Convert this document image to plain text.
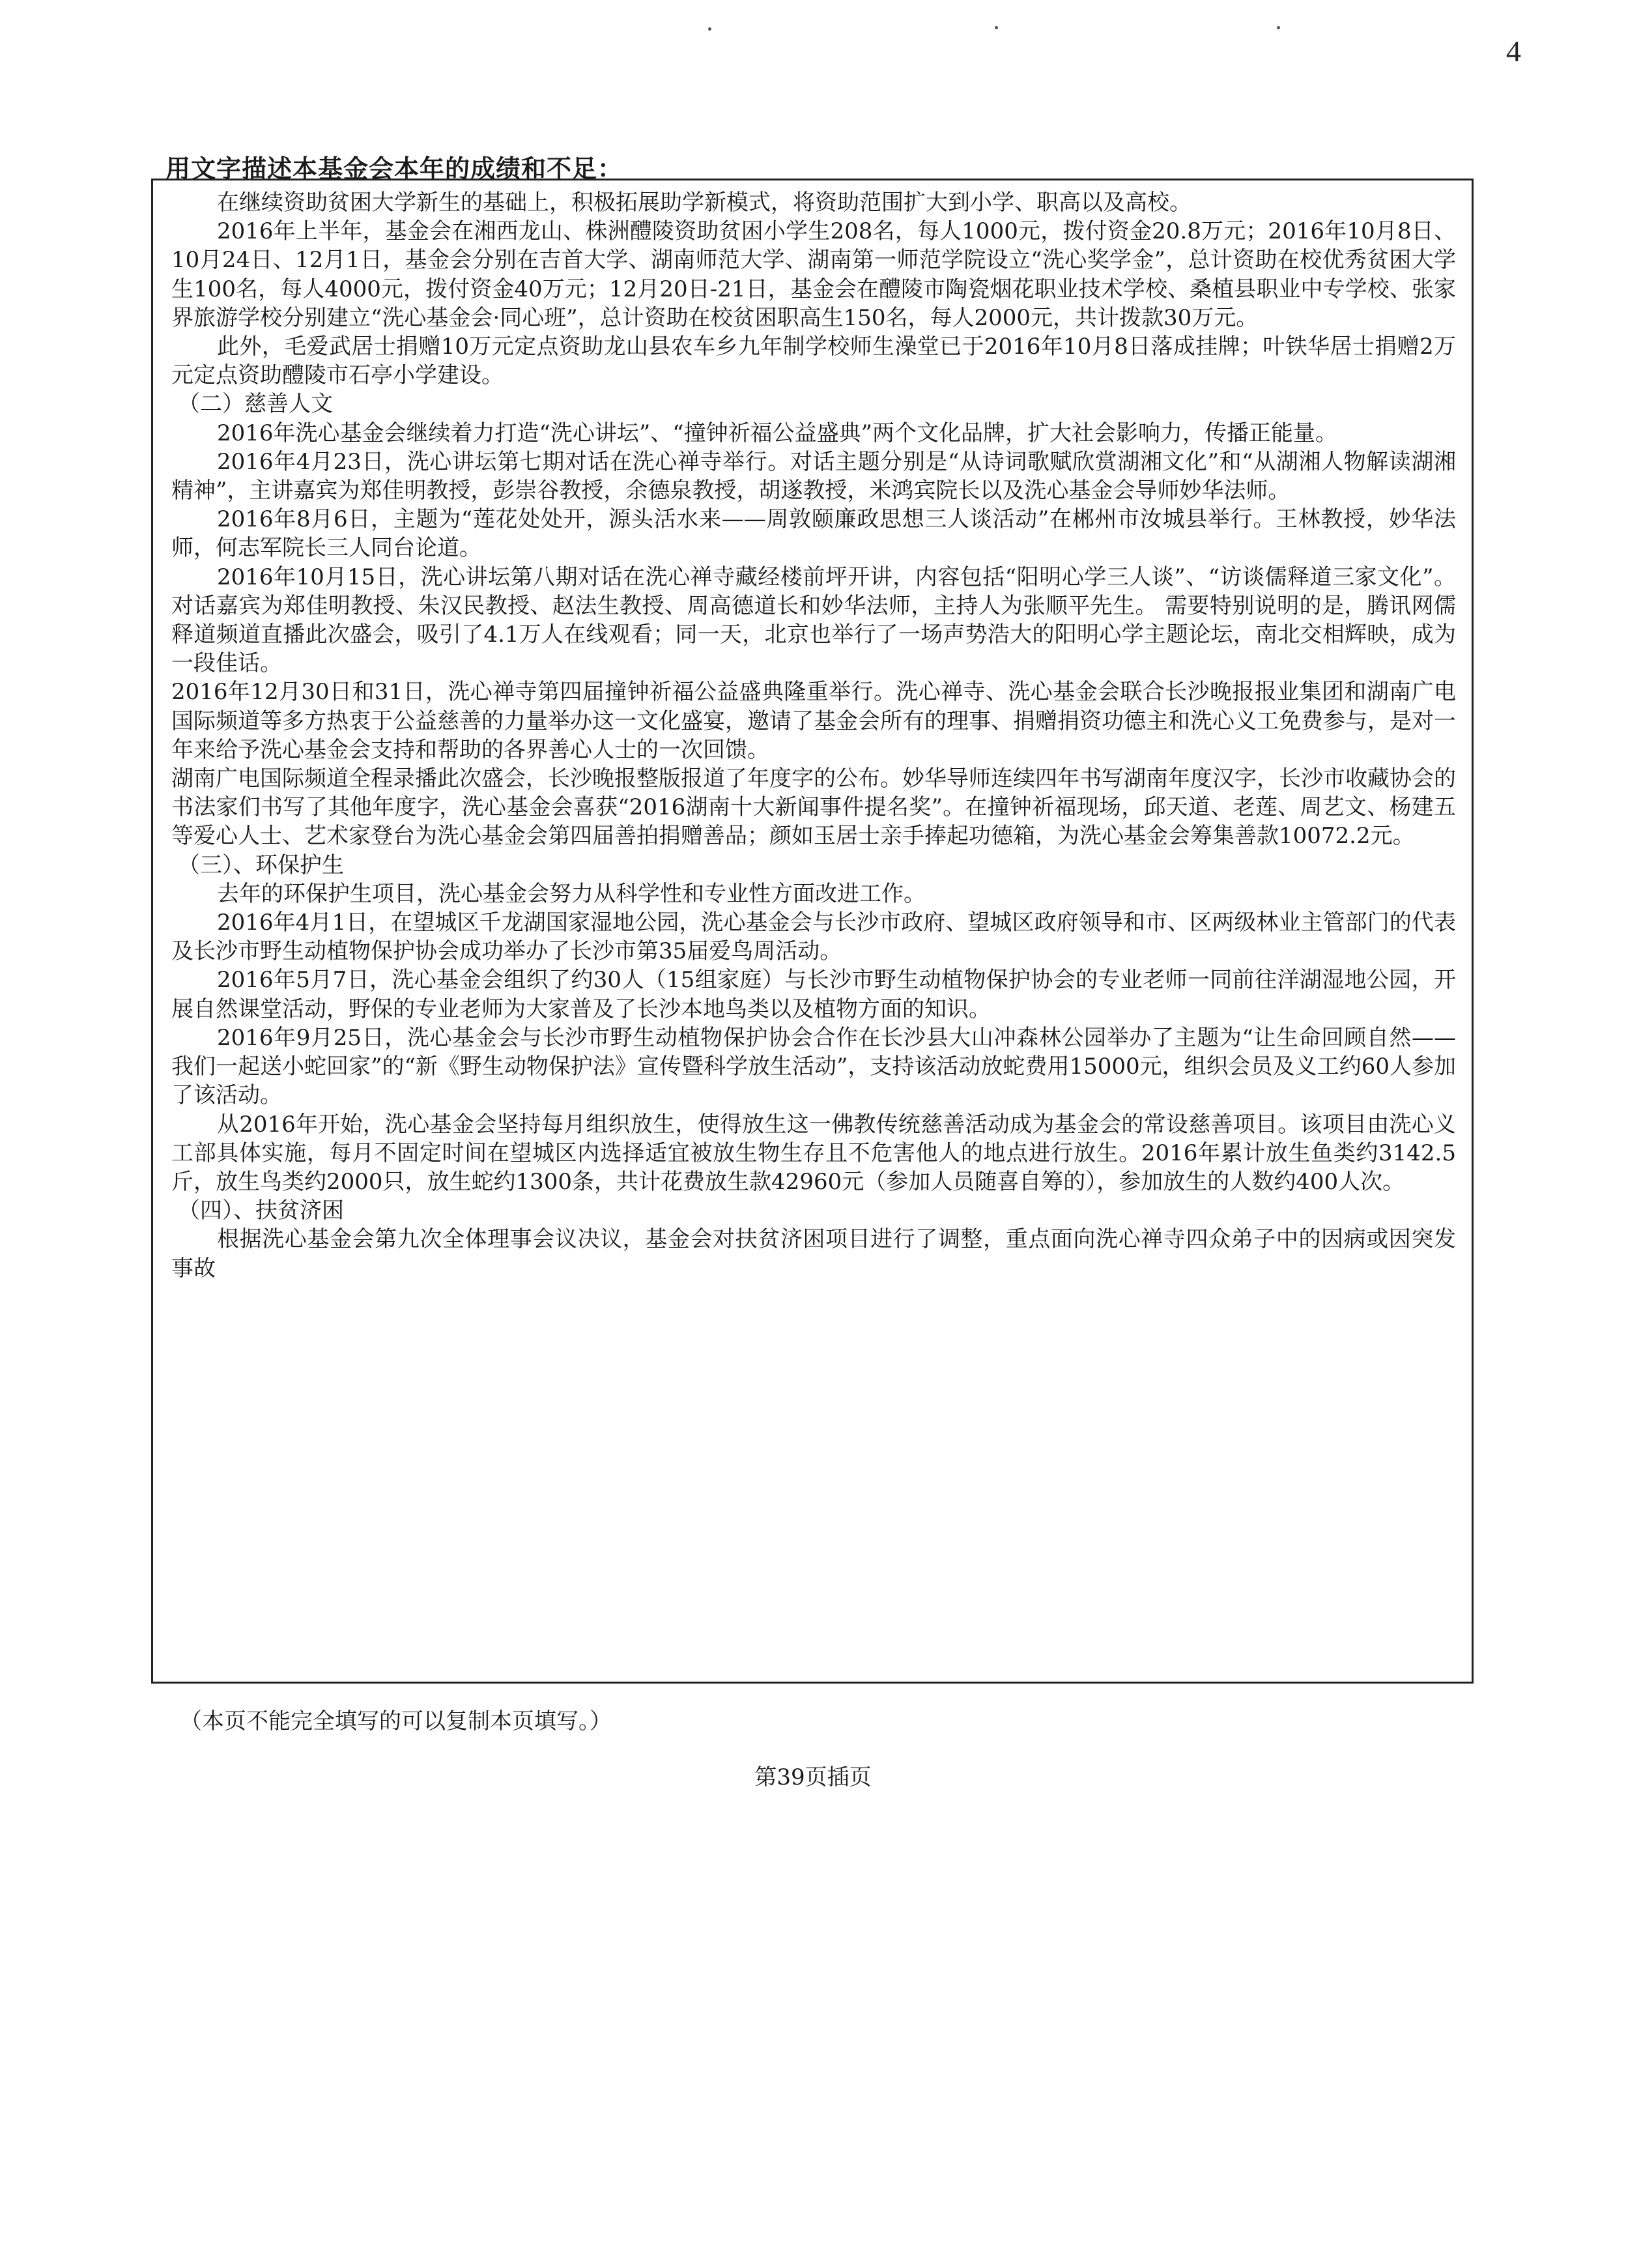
4
用文字描述本基金会本年的成绩和不足：

在继续资助贫困大学新生的基础上，积极拓展助学新模式，将资助范围扩大到小学、职高以及高校。

2016年上半年，基金会在湘西龙山、株洲醴陵资助贫困小学生208名，每人1000元，拨付资金20.8万元；2016年10月8日、10月24日、12月1日，基金会分别在吉首大学、湖南师范大学、湖南第一师范学院设立“洗心奖学金”，总计资助在校优秀贫困大学生100名，每人4000元，拨付资金40万元；12月20日-21日，基金会在醴陵市陶瓷烟花职业技术学校、桑植县职业中专学校、张家界旅游学校分别建立“洗心基金会·同心班”，总计资助在校贫困职高生150名，每人2000元，共计拨款30万元。

此外，毛爱武居士捐赠10万元定点资助龙山县农车乡九年制学校师生澡堂已于2016年10月8日落成挂牌；叶铁华居士捐赠2万元定点资助醴陵市石亭小学建设。

（二）慈善人文

2016年洗心基金会继续着力打造“洗心讲坛”、“撞钟祈福公益盛典”两个文化品牌，扩大社会影响力，传播正能量。

2016年4月23日，洗心讲坛第七期对话在洗心禅寺举行。对话主题分别是“从诗词歌赋欣赏湖湘文化”和“从湖湘人物解读湖湘精神”，主讲嘉宾为郑佳明教授，彭崇谷教授，余德泉教授，胡遂教授，米鸿宾院长以及洗心基金会导师妙华法师。

2016年8月6日，主题为“莲花处处开，源头活水来——周敦颐廉政思想三人谈活动”在郴州市汝城县举行。王林教授，妙华法师，何志军院长三人同台论道。

2016年10月15日，洗心讲坛第八期对话在洗心禅寺藏经楼前坪开讲，内容包括“阳明心学三人谈”、“访谈儒释道三家文化”。对话嘉宾为郑佳明教授、朱汉民教授、赵法生教授、周高德道长和妙华法师，主持人为张顺平先生。 需要特别说明的是，腾讯网儒释道频道直播此次盛会，吸引了4.1万人在线观看；同一天，北京也举行了一场声势浩大的阳明心学主题论坛，南北交相辉映，成为一段佳话。

2016年12月30日和31日，洗心禅寺第四届撞钟祈福公益盛典隆重举行。洗心禅寺、洗心基金会联合长沙晚报报业集团和湖南广电国际频道等多方热衷于公益慈善的力量举办这一文化盛宴，邀请了基金会所有的理事、捐赠捐资功德主和洗心义工免费参与，是对一年来给予洗心基金会支持和帮助的各界善心人士的一次回馈。

湖南广电国际频道全程录播此次盛会，长沙晚报整版报道了年度字的公布。妙华导师连续四年书写湖南年度汉字，长沙市收藏协会的书法家们书写了其他年度字，洗心基金会喜获“2016湖南十大新闻事件提名奖”。在撞钟祈福现场，邱天道、老莲、周艺文、杨建五等爱心人士、艺术家登台为洗心基金会第四届善拍捐赠善品；颜如玉居士亲手捧起功德箱，为洗心基金会筹集善款10072.2元。

（三）、环保护生

去年的环保护生项目，洗心基金会努力从科学性和专业性方面改进工作。

2016年4月1日，在望城区千龙湖国家湿地公园，洗心基金会与长沙市政府、望城区政府领导和市、区两级林业主管部门的代表及长沙市野生动植物保护协会成功举办了长沙市第35届爱鸟周活动。

2016年5月7日，洗心基金会组织了约30人（15组家庭）与长沙市野生动植物保护协会的专业老师一同前往洋湖湿地公园，开展自然课堂活动，野保的专业老师为大家普及了长沙本地鸟类以及植物方面的知识。

2016年9月25日，洗心基金会与长沙市野生动植物保护协会合作在长沙县大山冲森林公园举办了主题为“让生命回顾自然——我们一起送小蛇回家”的“新《野生动物保护法》宣传暨科学放生活动”，支持该活动放蛇费用15000元，组织会员及义工约60人参加了该活动。

从2016年开始，洗心基金会坚持每月组织放生，使得放生这一佛教传统慈善活动成为基金会的常设慈善项目。该项目由洗心义工部具体实施，每月不固定时间在望城区内选择适宜被放生物生存且不危害他人的地点进行放生。2016年累计放生鱼类约3142.5斤，放生鸟类约2000只，放生蛇约1300条，共计花费放生款42960元（参加人员随喜自筹的），参加放生的人数约400人次。

（四）、扶贫济困

根据洗心基金会第九次全体理事会议决议，基金会对扶贫济困项目进行了调整，重点面向洗心禅寺四众弟子中的因病或因突发事故

（本页不能完全填写的可以复制本页填写。）
第39页插页
